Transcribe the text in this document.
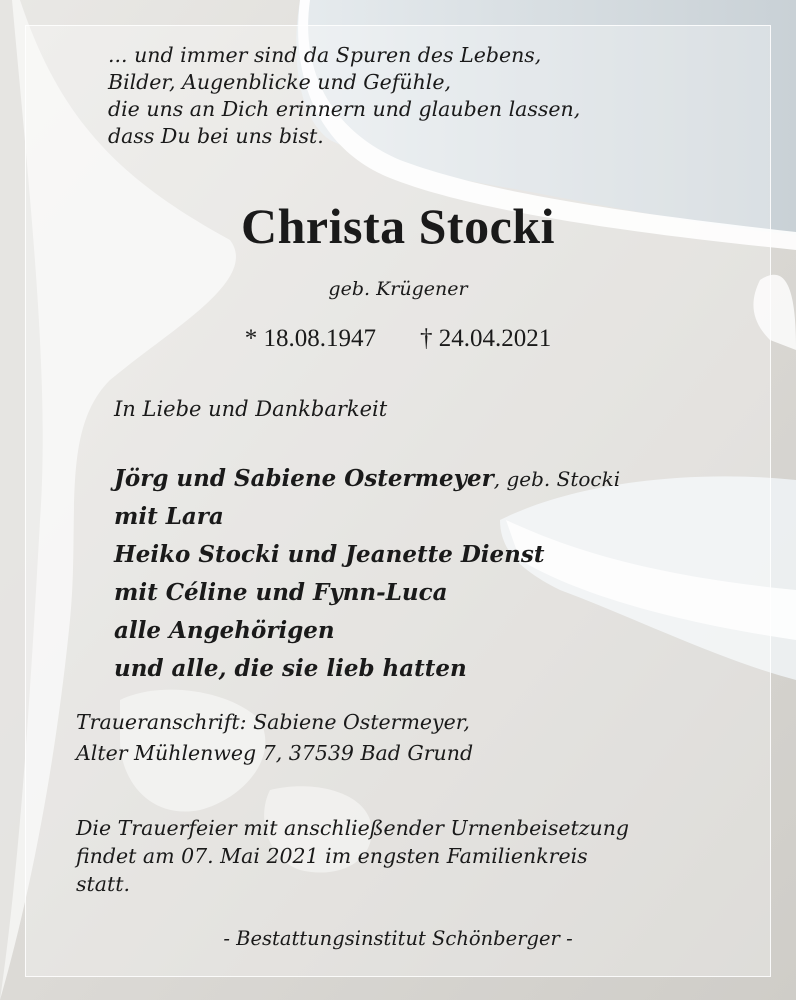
... und immer sind da Spuren des Lebens,
Bilder, Augenblicke und Gefühle,
die uns an Dich erinnern und glauben lassen,
dass Du bei uns bist.

Christa Stocki

geb. Krügener

* 18.08.1947 † 24.04.2021

In Liebe und Dankbarkeit

Jörg und Sabiene Ostermeyer, geb. Stocki
mit Lara
Heiko Stocki und Jeanette Dienst
mit Céline und Fynn-Luca
alle Angehörigen
und alle, die sie lieb hatten

Traueranschrift: Sabiene Ostermeyer,
Alter Mühlenweg 7, 37539 Bad Grund

Die Trauerfeier mit anschließender Urnenbeisetzung
findet am 07. Mai 2021 im engsten Familienkreis
statt.

- Bestattungsinstitut Schönberger -
